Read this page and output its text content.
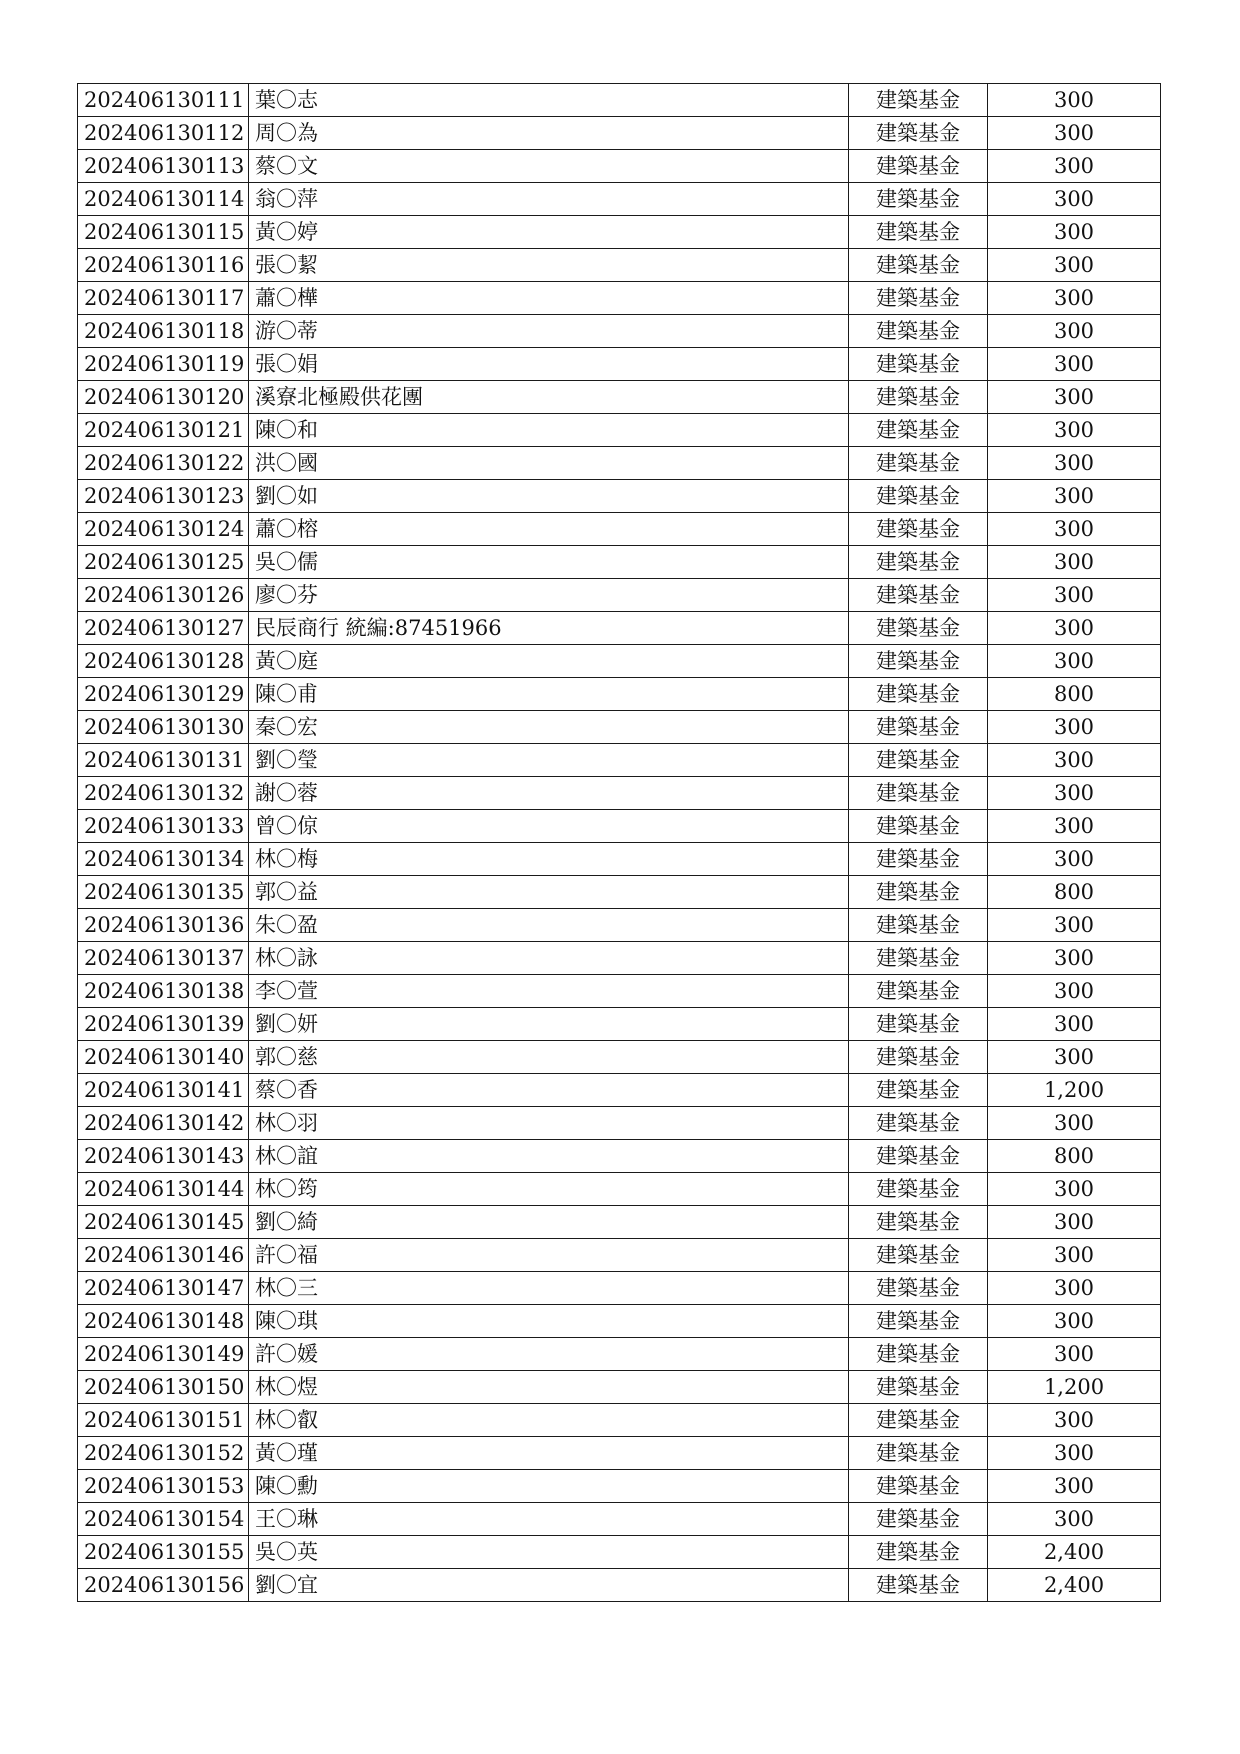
202406130111	葉〇志	建築基金	300
202406130112	周〇為	建築基金	300
202406130113	蔡〇文	建築基金	300
202406130114	翁〇萍	建築基金	300
202406130115	黃〇婷	建築基金	300
202406130116	張〇絜	建築基金	300
202406130117	蕭〇樺	建築基金	300
202406130118	游〇蒂	建築基金	300
202406130119	張〇娟	建築基金	300
202406130120	溪寮北極殿供花團	建築基金	300
202406130121	陳〇和	建築基金	300
202406130122	洪〇國	建築基金	300
202406130123	劉〇如	建築基金	300
202406130124	蕭〇榕	建築基金	300
202406130125	吳〇儒	建築基金	300
202406130126	廖〇芬	建築基金	300
202406130127	民辰商行 統編:87451966	建築基金	300
202406130128	黃〇庭	建築基金	300
202406130129	陳〇甫	建築基金	800
202406130130	秦〇宏	建築基金	300
202406130131	劉〇瑩	建築基金	300
202406130132	謝〇蓉	建築基金	300
202406130133	曾〇倞	建築基金	300
202406130134	林〇梅	建築基金	300
202406130135	郭〇益	建築基金	800
202406130136	朱〇盈	建築基金	300
202406130137	林〇詠	建築基金	300
202406130138	李〇萱	建築基金	300
202406130139	劉〇妍	建築基金	300
202406130140	郭〇慈	建築基金	300
202406130141	蔡〇香	建築基金	1,200
202406130142	林〇羽	建築基金	300
202406130143	林〇誼	建築基金	800
202406130144	林〇筠	建築基金	300
202406130145	劉〇綺	建築基金	300
202406130146	許〇福	建築基金	300
202406130147	林〇三	建築基金	300
202406130148	陳〇琪	建築基金	300
202406130149	許〇媛	建築基金	300
202406130150	林〇煜	建築基金	1,200
202406130151	林〇叡	建築基金	300
202406130152	黃〇瑾	建築基金	300
202406130153	陳〇勳	建築基金	300
202406130154	王〇琳	建築基金	300
202406130155	吳〇英	建築基金	2,400
202406130156	劉〇宜	建築基金	2,400
